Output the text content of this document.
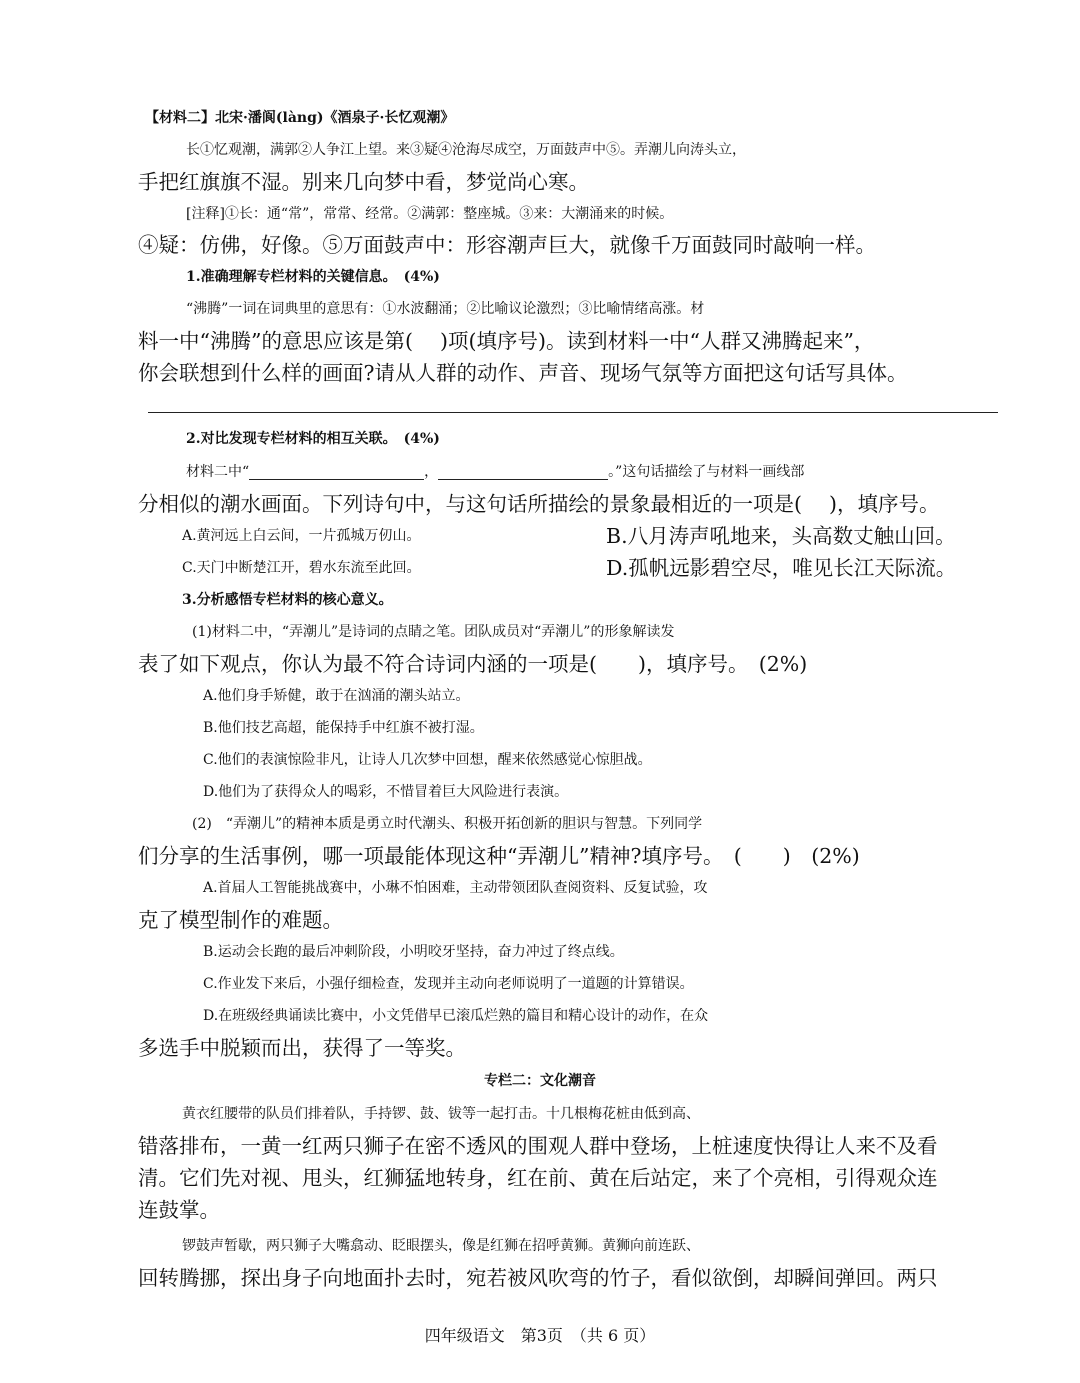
【材料二】北宋·潘阆(làng)《酒泉子·长忆观潮》
长①忆观潮，满郭②人争江上望。来③疑④沧海尽成空，万面鼓声中⑤。弄潮儿向涛头立，
手把红旗旗不湿。别来几向梦中看，梦觉尚心寒。
[注释]①长：通“常”，常常、经常。②满郭：整座城。③来：大潮涌来的时候。
④疑：仿佛，好像。⑤万面鼓声中：形容潮声巨大，就像千万面鼓同时敲响一样。
1.准确理解专栏材料的关键信息。　(4%)
“沸腾”一词在词典里的意思有：①水波翻涌；②比喻议论激烈；③比喻情绪高涨。材
料一中“沸腾”的意思应该是第(　 )项(填序号)。读到材料一中“人群又沸腾起来”，
你会联想到什么样的画面?请从人群的动作、声音、现场气氛等方面把这句话写具体。
2.对比发现专栏材料的相互关联。　(4%)
材料二中“	，	。”这句话描绘了与材料一画线部
分相似的潮水画面。下列诗句中，与这句话所描绘的景象最相近的一项是(　 )，填序号。
A.黄河远上白云间，一片孤城万仞山。	B.八月涛声吼地来，头高数丈触山回。
C.天门中断楚江开，碧水东流至此回。	D.孤帆远影碧空尽，唯见长江天际流。
3.分析感悟专栏材料的核心意义。
(1)材料二中，“弄潮儿”是诗词的点睛之笔。团队成员对“弄潮儿”的形象解读发
表了如下观点，你认为最不符合诗词内涵的一项是(　　)，填序号。　(2%)
A.他们身手矫健，敢于在汹涌的潮头站立。
B.他们技艺高超，能保持手中红旗不被打湿。
C.他们的表演惊险非凡，让诗人几次梦中回想，醒来依然感觉心惊胆战。
D.他们为了获得众人的喝彩，不惜冒着巨大风险进行表演。
(2)　“弄潮儿”的精神本质是勇立时代潮头、积极开拓创新的胆识与智慧。下列同学
们分享的生活事例，哪一项最能体现这种“弄潮儿”精神?填序号。　(　　)　(2%)
A.首届人工智能挑战赛中，小琳不怕困难，主动带领团队查阅资料、反复试验，攻
克了模型制作的难题。
B.运动会长跑的最后冲刺阶段，小明咬牙坚持，奋力冲过了终点线。
C.作业发下来后，小强仔细检查，发现并主动向老师说明了一道题的计算错误。
D.在班级经典诵读比赛中，小文凭借早已滚瓜烂熟的篇目和精心设计的动作，在众
多选手中脱颖而出，获得了一等奖。
专栏二：文化潮音
黄衣红腰带的队员们排着队，手持锣、鼓、钹等一起打击。十几根梅花桩由低到高、
错落排布，一黄一红两只狮子在密不透风的围观人群中登场，上桩速度快得让人来不及看
清。它们先对视、甩头，红狮猛地转身，红在前、黄在后站定，来了个亮相，引得观众连
连鼓掌。
锣鼓声暂歇，两只狮子大嘴翕动、眨眼摆头，像是红狮在招呼黄狮。黄狮向前连跃、
回转腾挪，探出身子向地面扑去时，宛若被风吹弯的竹子，看似欲倒，却瞬间弹回。两只
四年级语文　第3页　（共 6 页）
